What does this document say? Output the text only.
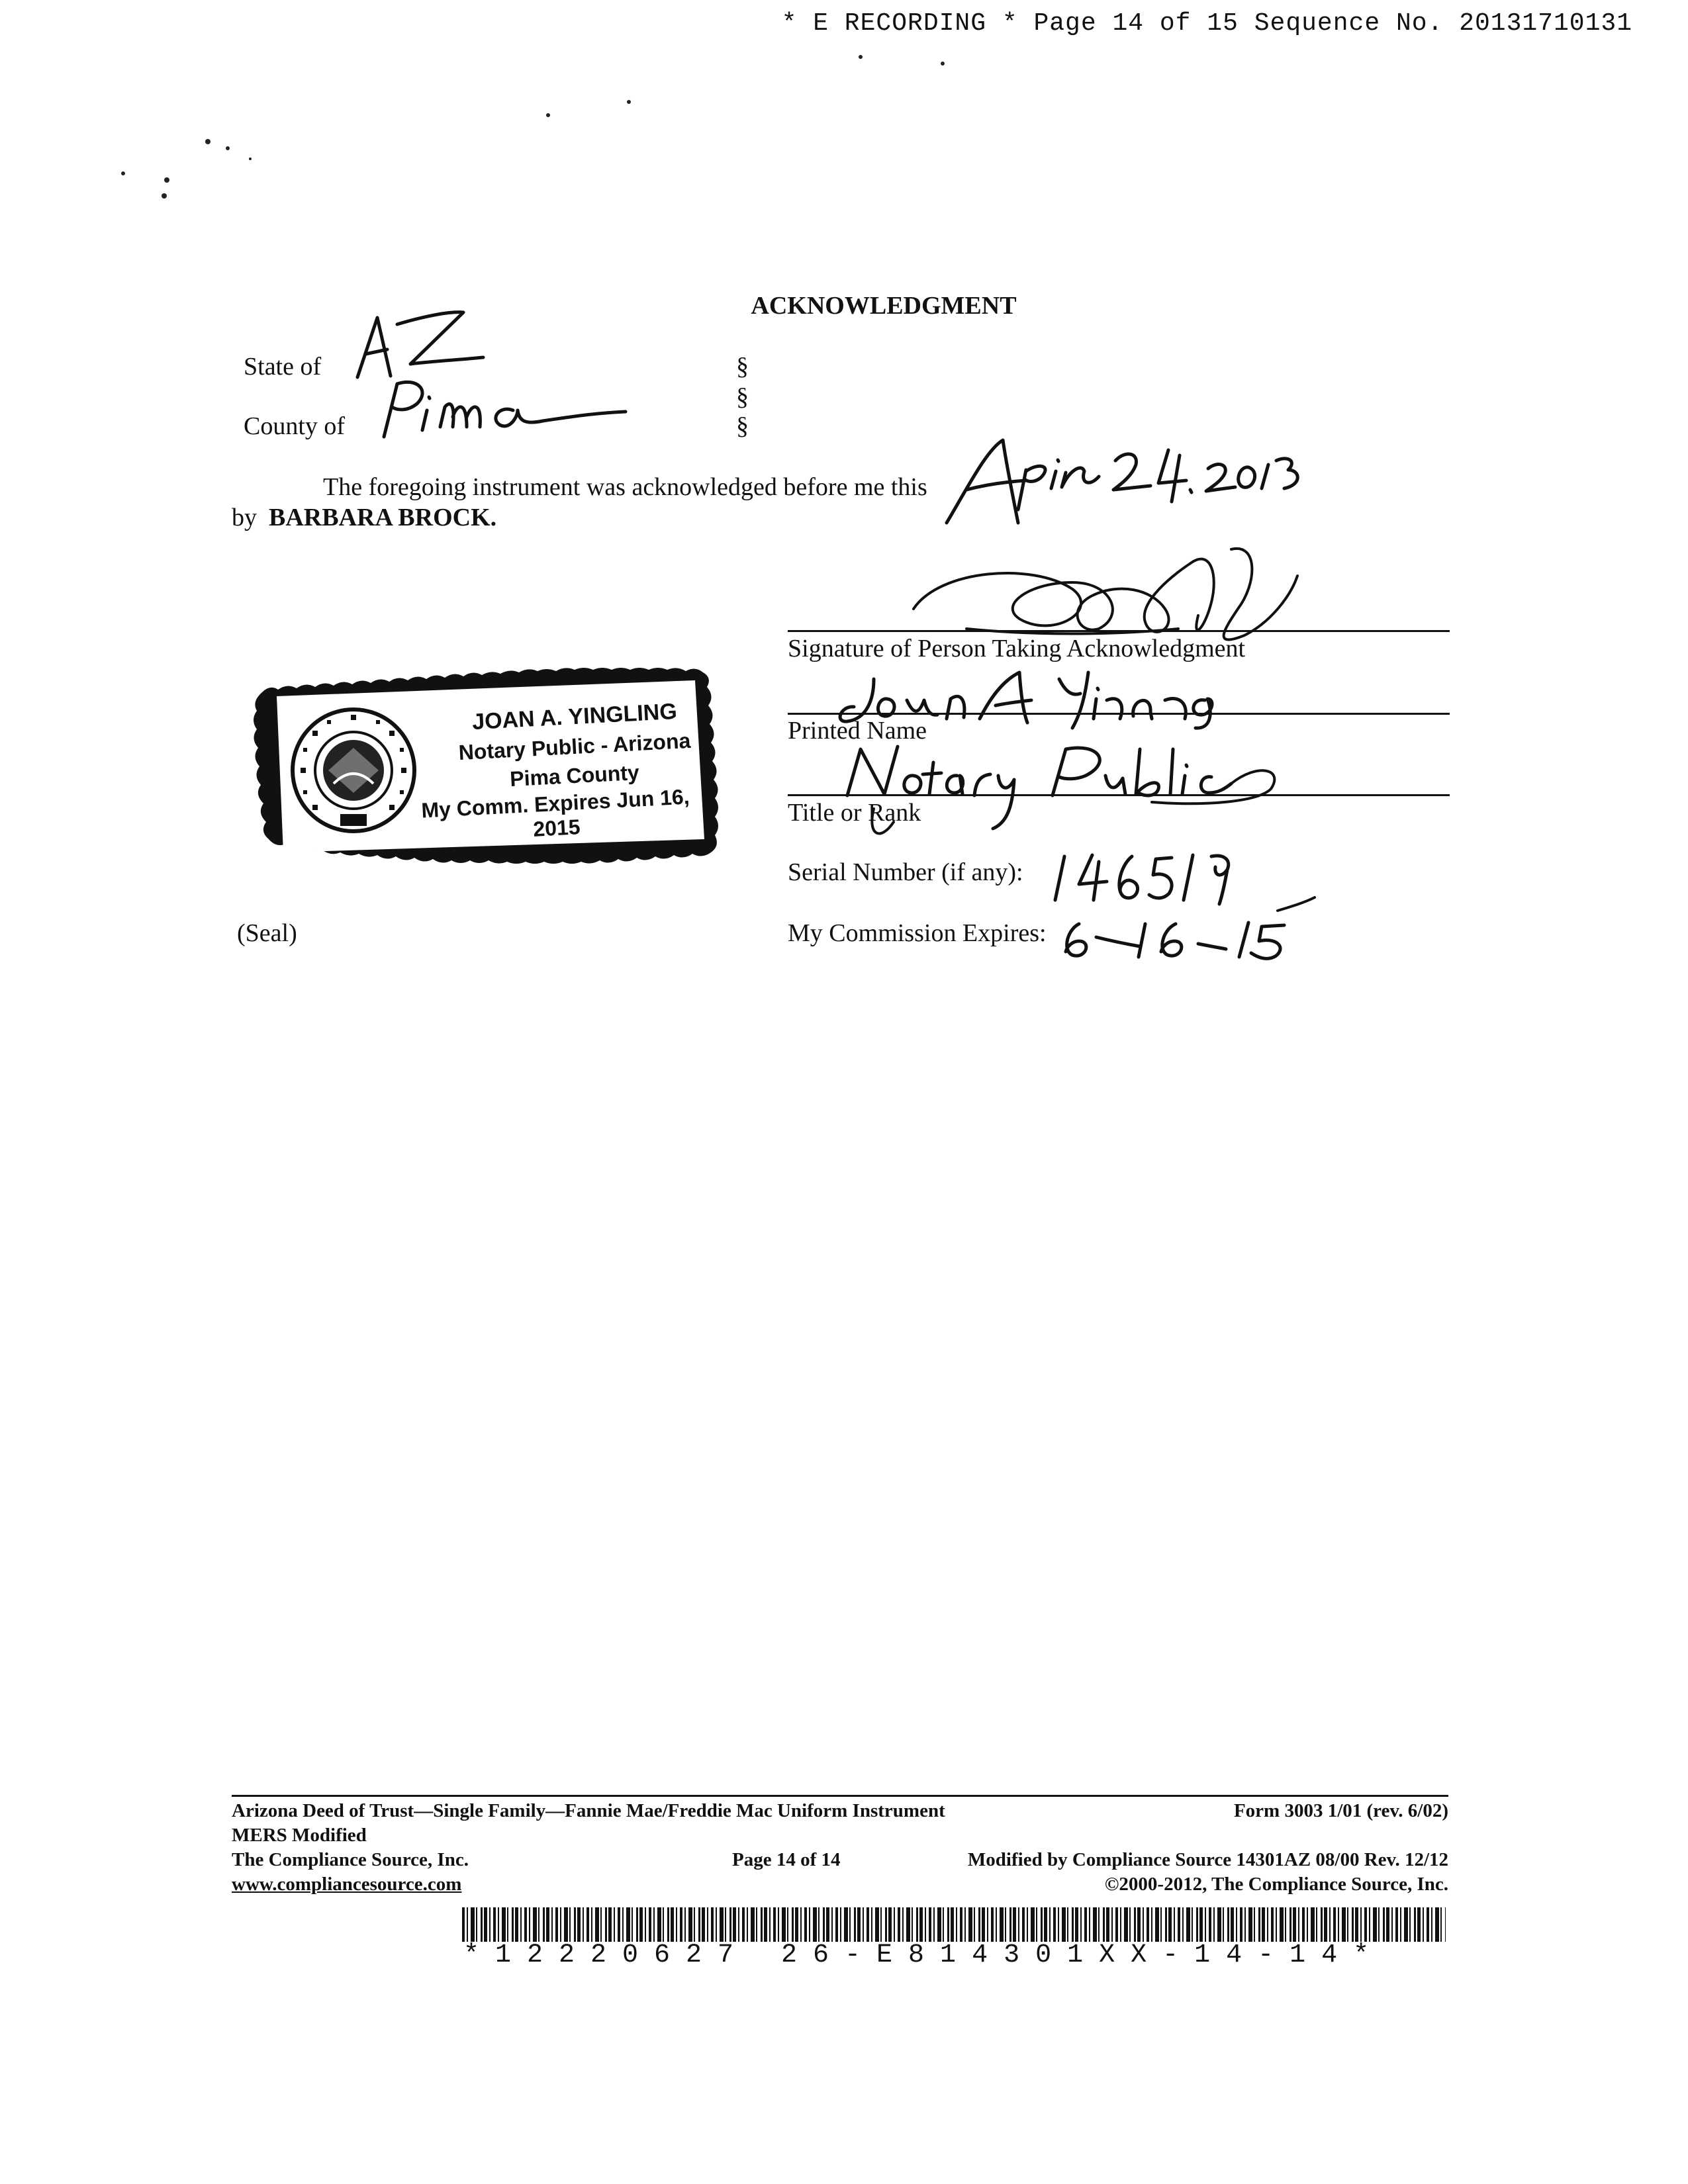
* E RECORDING * Page 14 of 15 Sequence No. 20131710131
ACKNOWLEDGMENT
State of
County of
§
§
§
The foregoing instrument was acknowledged before me this
by BARBARA BROCK.
Signature of Person Taking Acknowledgment
Printed Name
Title or Rank
Serial Number (if any):
My Commission Expires:
JOAN A. YINGLING
Notary Public - Arizona
Pima County
My Comm. Expires Jun 16, 2015
(Seal)
Arizona Deed of Trust—Single Family—Fannie Mae/Freddie Mac Uniform Instrument	Form 3003 1/01 (rev. 6/02)
MERS Modified
The Compliance Source, Inc.	Page 14 of 14	Modified by Compliance Source 14301AZ 08/00 Rev. 12/12
www.compliancesource.com	©2000-2012, The Compliance Source, Inc.
*12220627 26-E814301XX-14-14*
